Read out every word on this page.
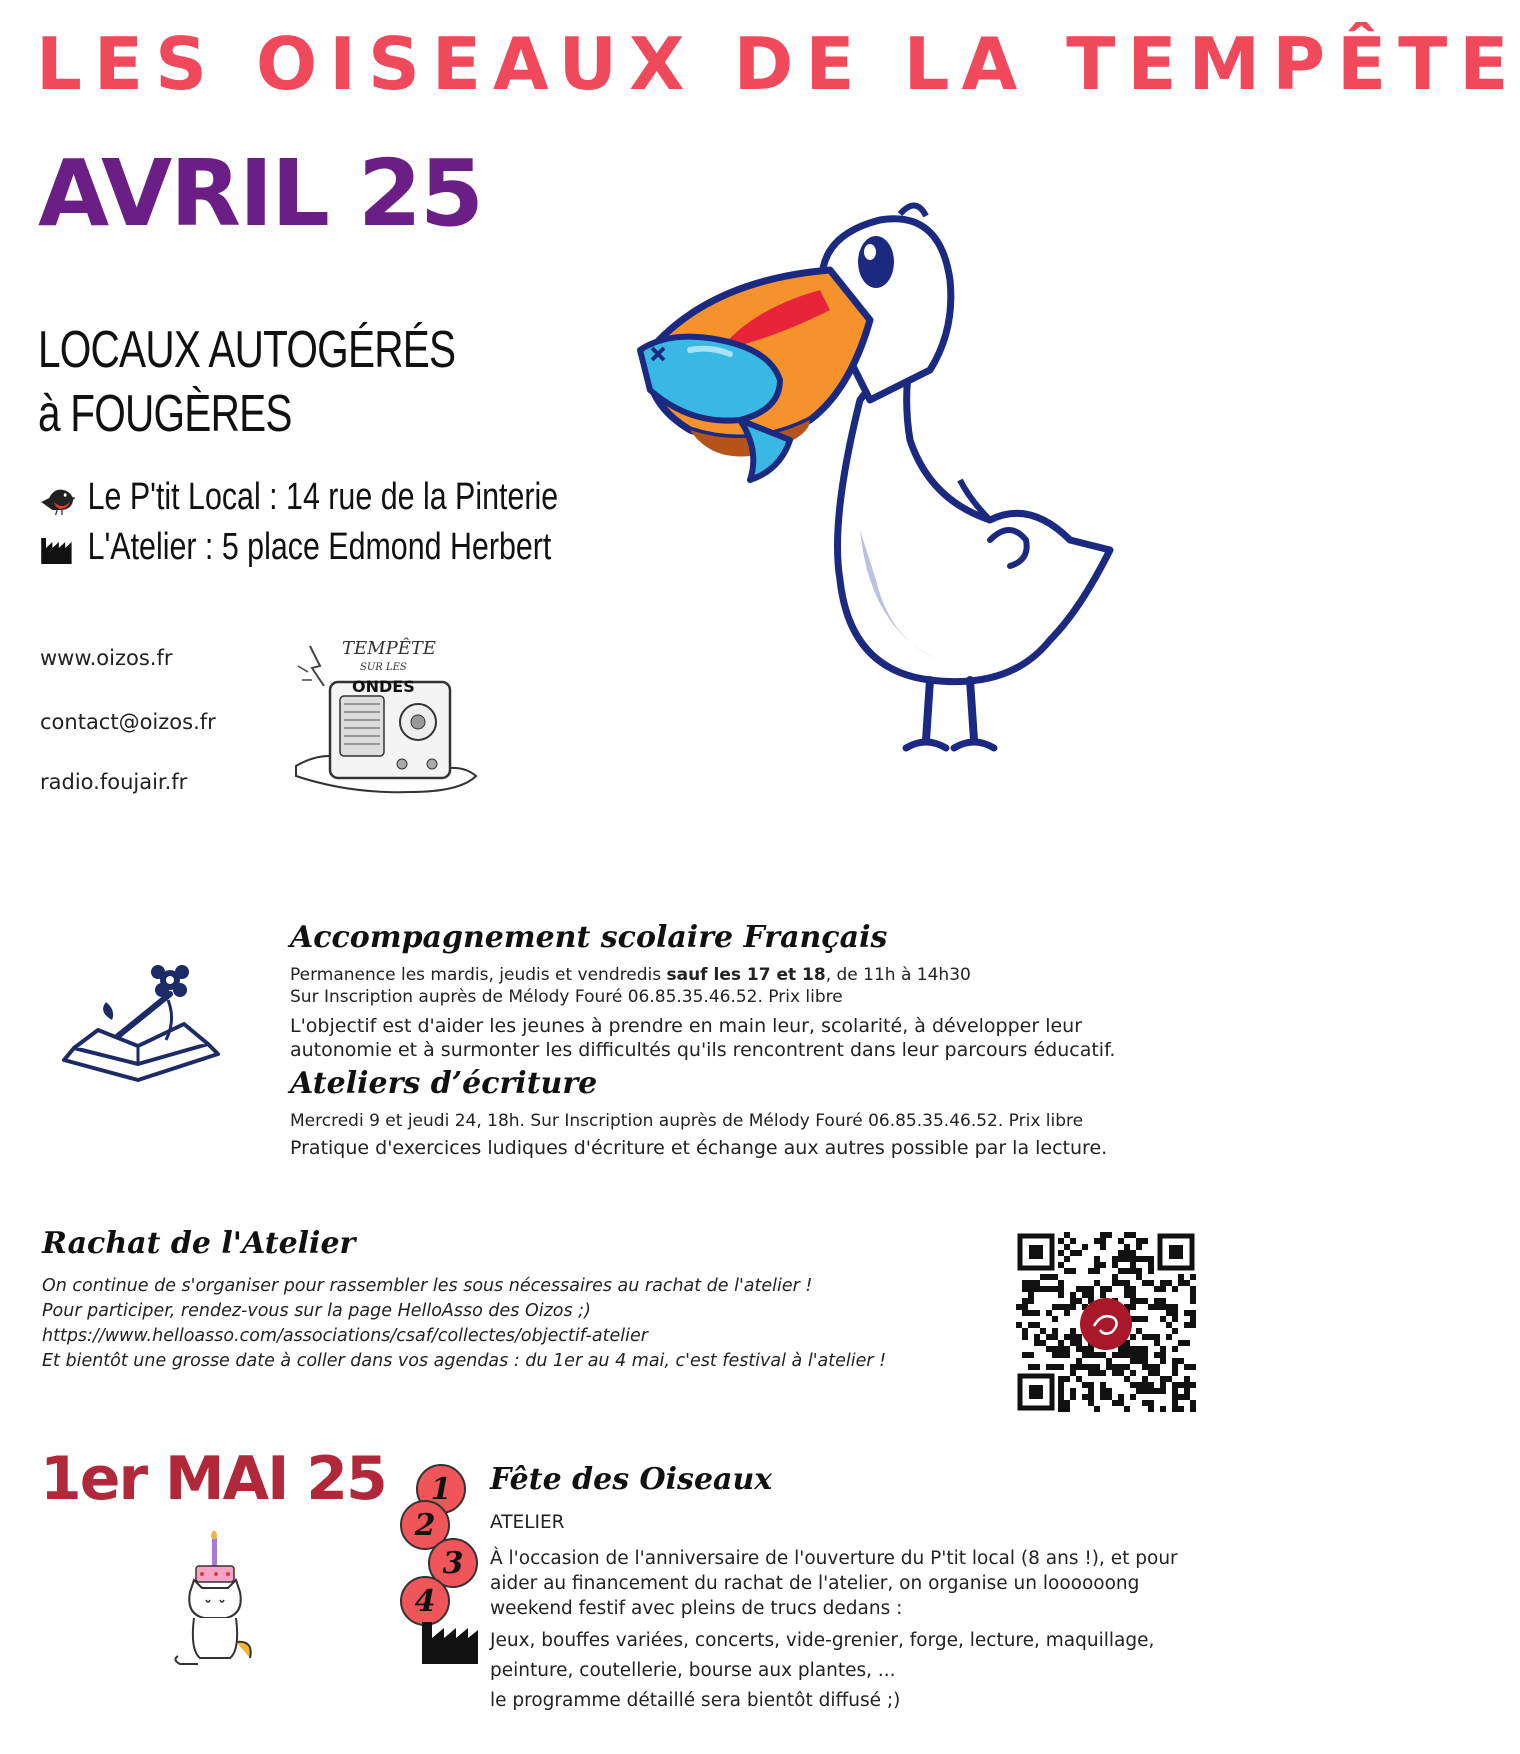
LES OISEAUX DE LA TEMPÊTE
AVRIL 25
LOCAUX AUTOGÉRÉS
à FOUGÈRES
Le P'tit Local : 14 rue de la Pinterie
L'Atelier : 5 place Edmond Herbert
www.oizos.fr
contact@oizos.fr
radio.foujair.fr
TEMPÊTE
SUR LES
ONDES
Accompagnement scolaire Français
Permanence les mardis, jeudis et vendredis sauf les 17 et 18, de 11h à 14h30
Sur Inscription auprès de Mélody Fouré 06.85.35.46.52. Prix libre
L'objectif est d'aider les jeunes à prendre en main leur, scolarité, à développer leur
autonomie et à surmonter les difficultés qu'ils rencontrent dans leur parcours éducatif.
Ateliers d’écriture
Mercredi 9 et jeudi 24, 18h. Sur Inscription auprès de Mélody Fouré 06.85.35.46.52. Prix libre
Pratique d'exercices ludiques d'écriture et échange aux autres possible par la lecture.
Rachat de l'Atelier
On continue de s'organiser pour rassembler les sous nécessaires au rachat de l'atelier !
Pour participer, rendez-vous sur la page HelloAsso des Oizos ;)
https://www.helloasso.com/associations/csaf/collectes/objectif-atelier
Et bientôt une grosse date à coller dans vos agendas : du 1er au 4 mai, c'est festival à l'atelier !
1er MAI 25	1
2
3
4
Fête des Oiseaux
ATELIER
À l'occasion de l'anniversaire de l'ouverture du P'tit local (8 ans !), et pour
aider au financement du rachat de l'atelier, on organise un loooooong
weekend festif avec pleins de trucs dedans :
Jeux, bouffes variées, concerts, vide-grenier, forge, lecture, maquillage,
peinture, coutellerie, bourse aux plantes, ...
le programme détaillé sera bientôt diffusé ;)
